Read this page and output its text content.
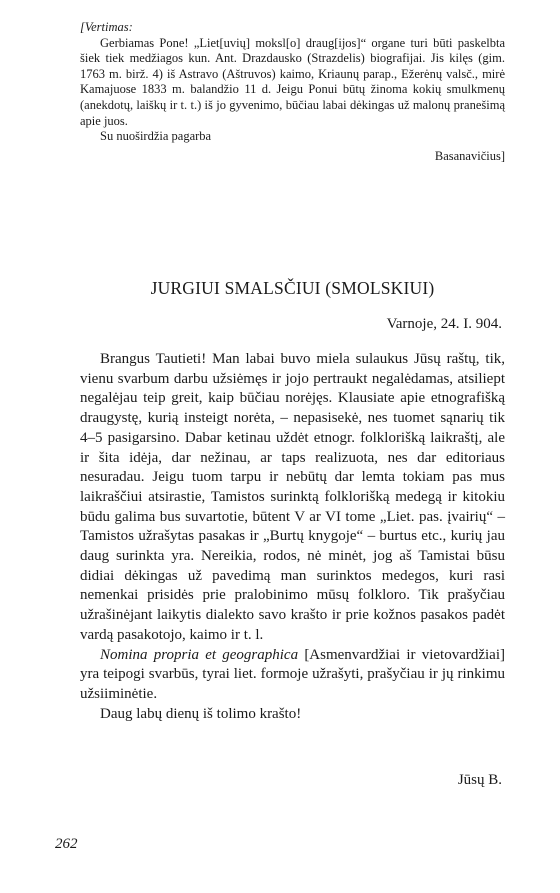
[Vertimas:

Gerbiamas Pone! „Liet[uvių] moksl[o] draug[ijos]“ organe turi būti paskelbta šiek tiek medžiagos kun. Ant. Drazdausko (Strazdelis) biografijai. Jis kilęs (gim. 1763 m. birž. 4) iš Astravo (Aštruvos) kaimo, Kriaunų parap., Ežerėnų valsč., mirė Kamajuose 1833 m. balandžio 11 d. Jeigu Ponui būtų žinoma kokių smulkmenų (anekdotų, laiškų ir t. t.) iš jo gyvenimo, būčiau labai dėkingas už malonų pranešimą apie juos.

Su nuoširdžia pagarba

Basanavičius]

JURGIUI SMALSČIUI (SMOLSKIUI)
Varnoje, 24. I. 904.

Brangus Tautieti! Man labai buvo miela sulaukus Jūsų raštų, tik, vienu svarbum darbu užsiėmęs ir jojo pertraukt negalėdamas, atsiliept negalėjau teip greit, kaip būčiau norėjęs. Klausiate apie etnografišką draugystę, kurią insteigt norėta, – nepasisekė, nes tuomet sąnarių tik 4–5 pasigarsino. Dabar ketinau uždėt etnogr. folklorišką laikraštį, ale ir šita idėja, dar nežinau, ar taps realizuota, nes dar editoriaus nesuradau. Jeigu tuom tarpu ir nebūtų dar lemta tokiam pas mus laikraščiui atsirastie, Tamistos surinktą folklorišką medegą ir kitokiu būdu galima bus suvartotie, būtent V ar VI tome „Liet. pas. įvairių“ – Tamistos užrašytas pasakas ir „Burtų knygoje“ – burtus etc., kurių jau daug surinkta yra. Nereikia, rodos, nė minėt, jog aš Tamistai būsu didiai dėkingas už pavedimą man surinktos medegos, kuri rasi nemenkai prisidės prie pralobinimo mūsų folkloro. Tik prašyčiau užrašinėjant laikytis dialekto savo krašto ir prie kožnos pasakos padėt vardą pasakotojo, kaimo ir t. l.

Nomina propria et geographica [Asmenvardžiai ir vietovardžiai] yra teipogi svarbūs, tyrai liet. formoje užrašyti, prašyčiau ir jų rinkimu užsiiminėtie.

Daug labų dienų iš tolimo krašto!

Jūsų B.
262
